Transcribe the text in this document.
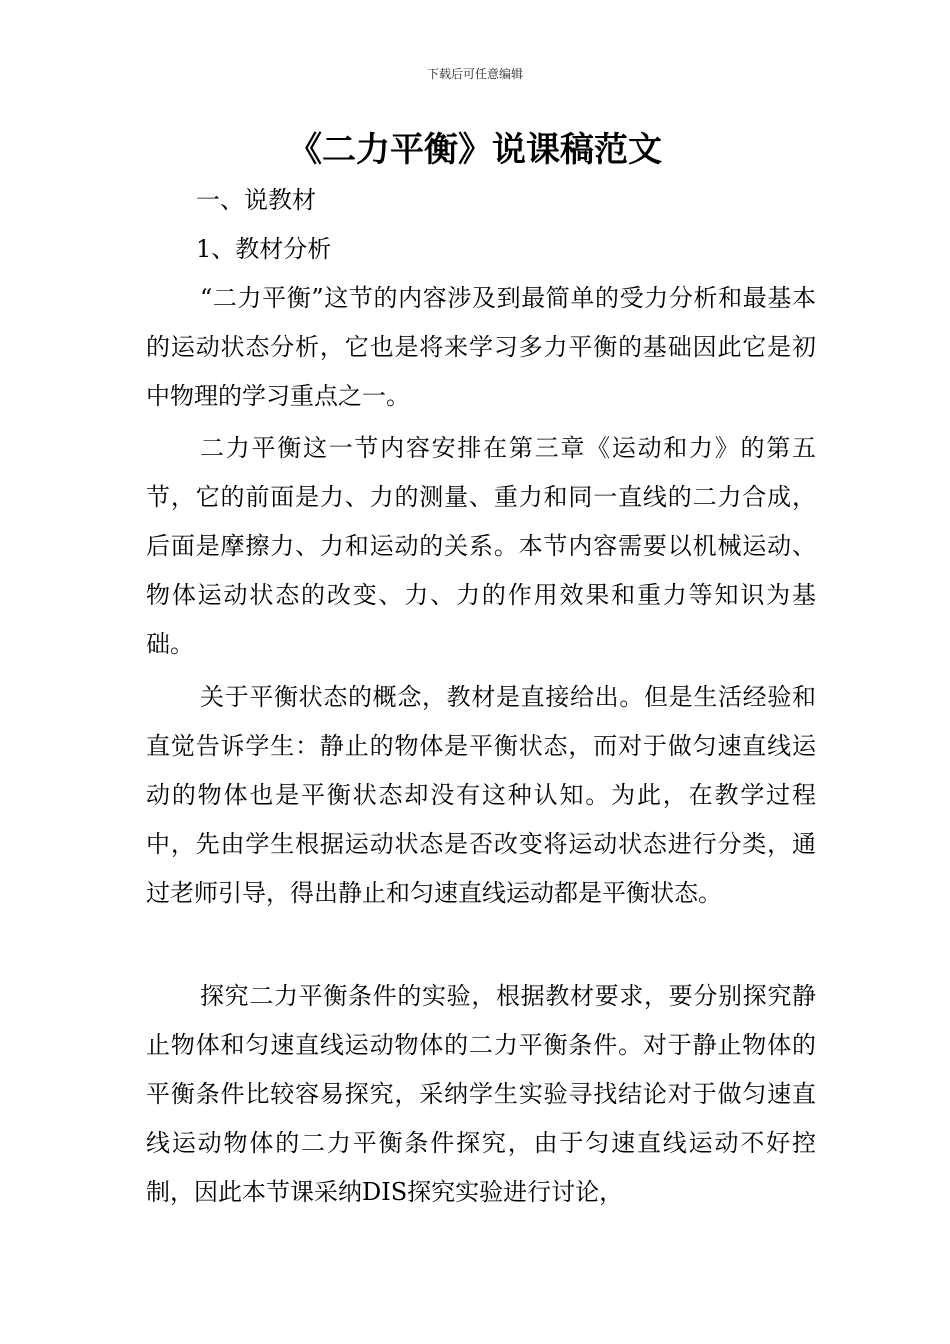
下载后可任意编辑
《二力平衡》说课稿范文

一、说教材

1、教材分析

“二力平衡”这节的内容涉及到最简单的受力分析和最基本的运动状态分析，它也是将来学习多力平衡的基础因此它是初中物理的学习重点之一。

二力平衡这一节内容安排在第三章《运动和力》的第五节，它的前面是力、力的测量、重力和同一直线的二力合成，后面是摩擦力、力和运动的关系。本节内容需要以机械运动、物体运动状态的改变、力、力的作用效果和重力等知识为基础。

关于平衡状态的概念，教材是直接给出。但是生活经验和直觉告诉学生：静止的物体是平衡状态，而对于做匀速直线运动的物体也是平衡状态却没有这种认知。为此，在教学过程中，先由学生根据运动状态是否改变将运动状态进行分类，通过老师引导，得出静止和匀速直线运动都是平衡状态。

探究二力平衡条件的实验，根据教材要求，要分别探究静止物体和匀速直线运动物体的二力平衡条件。对于静止物体的平衡条件比较容易探究，采纳学生实验寻找结论对于做匀速直线运动物体的二力平衡条件探究，由于匀速直线运动不好控制，因此本节课采纳DIS探究实验进行讨论，
